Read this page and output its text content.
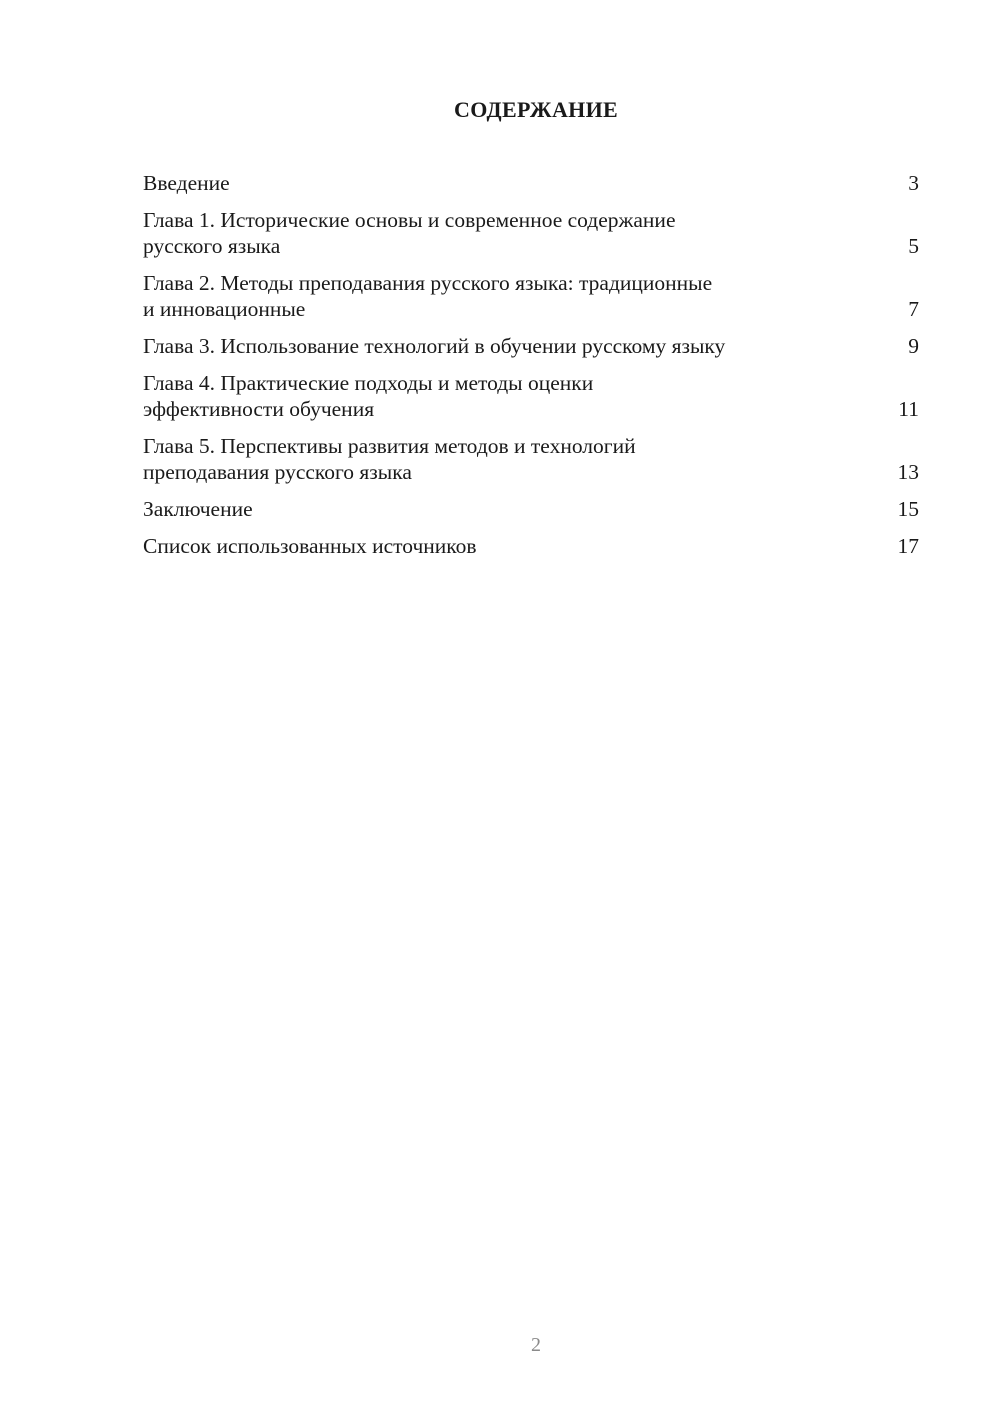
СОДЕРЖАНИЕ
Введение	3
Глава 1. Исторические основы и современное содержание
русского языка	5
Глава 2. Методы преподавания русского языка: традиционные
и инновационные	7
Глава 3. Использование технологий в обучении русскому языку	9
Глава 4. Практические подходы и методы оценки
эффективности обучения	11
Глава 5. Перспективы развития методов и технологий
преподавания русского языка	13
Заключение	15
Список использованных источников	17
2
